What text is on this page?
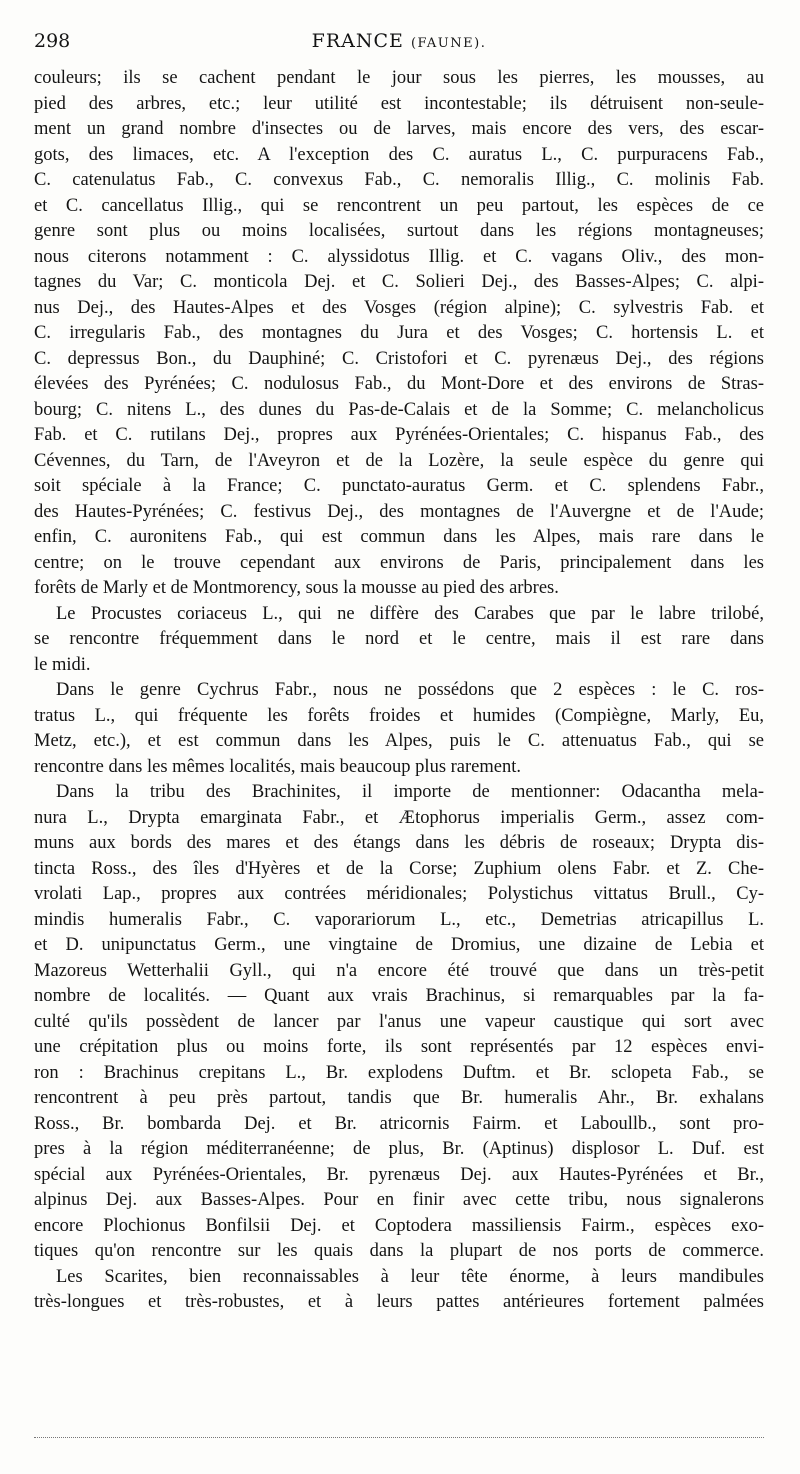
298	FRANCE (FAUNE).
couleurs; ils se cachent pendant le jour sous les pierres, les mousses, au
pied des arbres, etc.; leur utilité est incontestable; ils détruisent non-seule-
ment un grand nombre d'insectes ou de larves, mais encore des vers, des escar-
gots, des limaces, etc. A l'exception des C. auratus L., C. purpuracens Fab.,
C. catenulatus Fab., C. convexus Fab., C. nemoralis Illig., C. molinis Fab.
et C. cancellatus Illig., qui se rencontrent un peu partout, les espèces de ce
genre sont plus ou moins localisées, surtout dans les régions montagneuses;
nous citerons notamment : C. alyssidotus Illig. et C. vagans Oliv., des mon-
tagnes du Var; C. monticola Dej. et C. Solieri Dej., des Basses-Alpes; C. alpi-
nus Dej., des Hautes-Alpes et des Vosges (région alpine); C. sylvestris Fab. et
C. irregularis Fab., des montagnes du Jura et des Vosges; C. hortensis L. et
C. depressus Bon., du Dauphiné; C. Cristofori et C. pyrenæus Dej., des régions
élevées des Pyrénées; C. nodulosus Fab., du Mont-Dore et des environs de Stras-
bourg; C. nitens L., des dunes du Pas-de-Calais et de la Somme; C. melancholicus
Fab. et C. rutilans Dej., propres aux Pyrénées-Orientales; C. hispanus Fab., des
Cévennes, du Tarn, de l'Aveyron et de la Lozère, la seule espèce du genre qui
soit spéciale à la France; C. punctato-auratus Germ. et C. splendens Fabr.,
des Hautes-Pyrénées; C. festivus Dej., des montagnes de l'Auvergne et de l'Aude;
enfin, C. auronitens Fab., qui est commun dans les Alpes, mais rare dans le
centre; on le trouve cependant aux environs de Paris, principalement dans les
forêts de Marly et de Montmorency, sous la mousse au pied des arbres.
Le Procustes coriaceus L., qui ne diffère des Carabes que par le labre trilobé,
se rencontre fréquemment dans le nord et le centre, mais il est rare dans
le midi.
Dans le genre Cychrus Fabr., nous ne possédons que 2 espèces : le C. ros-
tratus L., qui fréquente les forêts froides et humides (Compiègne, Marly, Eu,
Metz, etc.), et est commun dans les Alpes, puis le C. attenuatus Fab., qui se
rencontre dans les mêmes localités, mais beaucoup plus rarement.
Dans la tribu des Brachinites, il importe de mentionner: Odacantha mela-
nura L., Drypta emarginata Fabr., et Ætophorus imperialis Germ., assez com-
muns aux bords des mares et des étangs dans les débris de roseaux; Drypta dis-
tincta Ross., des îles d'Hyères et de la Corse; Zuphium olens Fabr. et Z. Che-
vrolati Lap., propres aux contrées méridionales; Polystichus vittatus Brull., Cy-
mindis humeralis Fabr., C. vaporariorum L., etc., Demetrias atricapillus L.
et D. unipunctatus Germ., une vingtaine de Dromius, une dizaine de Lebia et
Mazoreus Wetterhalii Gyll., qui n'a encore été trouvé que dans un très-petit
nombre de localités. — Quant aux vrais Brachinus, si remarquables par la fa-
culté qu'ils possèdent de lancer par l'anus une vapeur caustique qui sort avec
une crépitation plus ou moins forte, ils sont représentés par 12 espèces envi-
ron : Brachinus crepitans L., Br. explodens Duftm. et Br. sclopeta Fab., se
rencontrent à peu près partout, tandis que Br. humeralis Ahr., Br. exhalans
Ross., Br. bombarda Dej. et Br. atricornis Fairm. et Laboullb., sont pro-
pres à la région méditerranéenne; de plus, Br. (Aptinus) displosor L. Duf. est
spécial aux Pyrénées-Orientales, Br. pyrenæus Dej. aux Hautes-Pyrénées et Br.,
alpinus Dej. aux Basses-Alpes. Pour en finir avec cette tribu, nous signalerons
encore Plochionus Bonfilsii Dej. et Coptodera massiliensis Fairm., espèces exo-
tiques qu'on rencontre sur les quais dans la plupart de nos ports de commerce.
Les Scarites, bien reconnaissables à leur tête énorme, à leurs mandibules
très-longues et très-robustes, et à leurs pattes antérieures fortement palmées
